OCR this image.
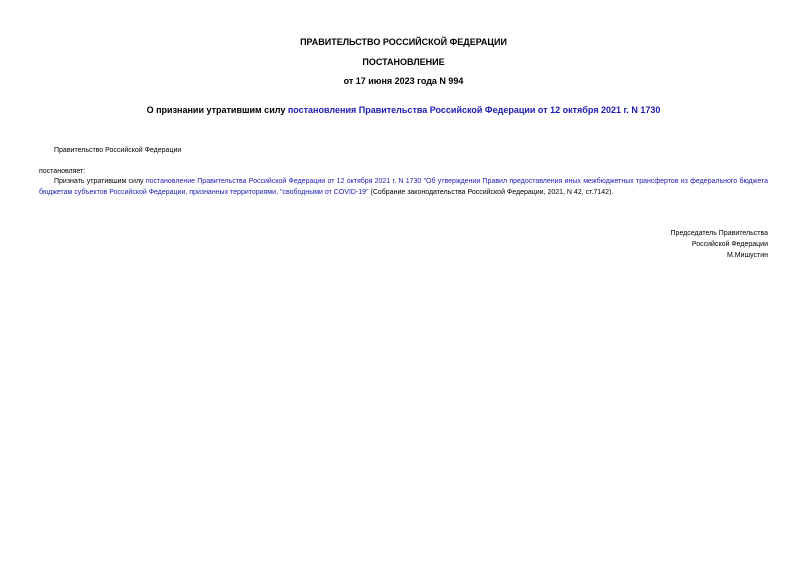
ПРАВИТЕЛЬСТВО РОССИЙСКОЙ ФЕДЕРАЦИИ
ПОСТАНОВЛЕНИЕ
от 17 июня 2023 года N 994
О признании утратившим силу постановления Правительства Российской Федерации от 12 октября 2021 г. N 1730
Правительство Российской Федерации
постановляет:
Признать утратившим силу постановление Правительства Российской Федерации от 12 октября 2021 г. N 1730 "Об утверждении Правил предоставления иных межбюджетных трансфертов из федерального бюджета бюджетам субъектов Российской Федерации, признанных территориями, "свободными от COVID-19" (Собрание законодательства Российской Федерации, 2021, N 42, ст.7142).
Председатель Правительства
Российской Федерации
М.Мишустин
